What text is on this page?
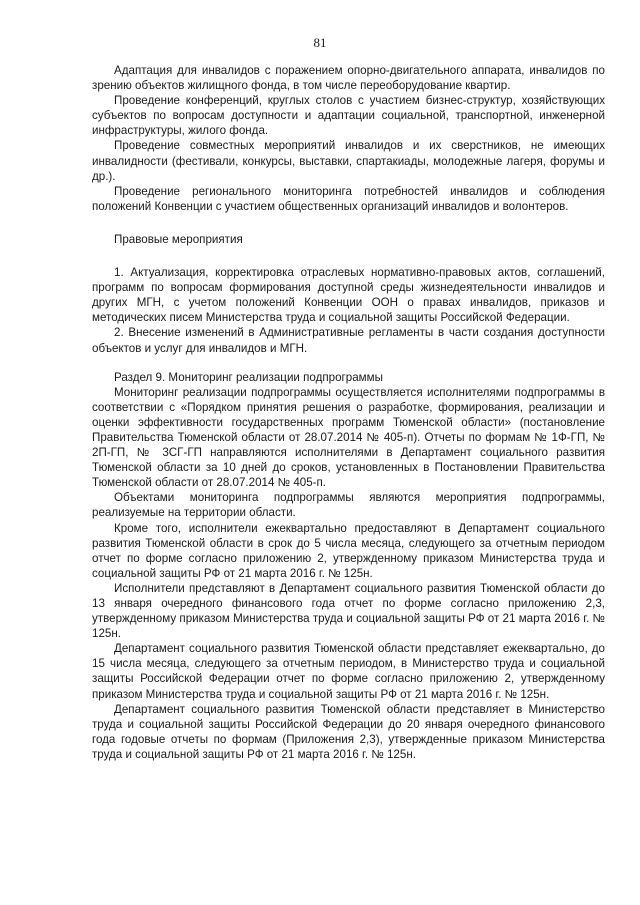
81

Адаптация для инвалидов с поражением опорно-двигательного аппарата, инвалидов по зрению объектов жилищного фонда, в том числе переоборудование квартир.

Проведение конференций, круглых столов с участием бизнес-структур, хозяйствующих субъектов по вопросам доступности и адаптации социальной, транспортной, инженерной инфраструктуры, жилого фонда.

Проведение совместных мероприятий инвалидов и их сверстников, не имеющих инвалидности (фестивали, конкурсы, выставки, спартакиады, молодежные лагеря, форумы и др.).

Проведение регионального мониторинга потребностей инвалидов и соблюдения положений Конвенции с участием общественных организаций инвалидов и волонтеров.

Правовые мероприятия

1. Актуализация, корректировка отраслевых нормативно-правовых актов, соглашений, программ по вопросам формирования доступной среды жизнедеятельности инвалидов и других МГН, с учетом положений Конвенции ООН о правах инвалидов, приказов и методических писем Министерства труда и социальной защиты Российской Федерации.

2. Внесение изменений в Административные регламенты в части создания доступности объектов и услуг для инвалидов и МГН.

Раздел 9. Мониторинг реализации подпрограммы

Мониторинг реализации подпрограммы осуществляется исполнителями подпрограммы в соответствии с «Порядком принятия решения о разработке, формирования, реализации и оценки эффективности государственных программ Тюменской области» (постановление Правительства Тюменской области от 28.07.2014 № 405-п). Отчеты по формам № 1Ф-ГП, № 2П-ГП, № 3СГ-ГП направляются исполнителями в Департамент социального развития Тюменской области за 10 дней до сроков, установленных в Постановлении Правительства Тюменской области от 28.07.2014 № 405-п.

Объектами мониторинга подпрограммы являются мероприятия подпрограммы, реализуемые на территории области.

Кроме того, исполнители ежеквартально предоставляют в Департамент социального развития Тюменской области в срок до 5 числа месяца, следующего за отчетным периодом отчет по форме согласно приложению 2, утвержденному приказом Министерства труда и социальной защиты РФ от 21 марта 2016 г. № 125н.

Исполнители представляют в Департамент социального развития Тюменской области до 13 января очередного финансового года отчет по форме согласно приложению 2,3, утвержденному приказом Министерства труда и социальной защиты РФ от 21 марта 2016 г. № 125н.

Департамент социального развития Тюменской области представляет ежеквартально, до 15 числа месяца, следующего за отчетным периодом, в Министерство труда и социальной защиты Российской Федерации отчет по форме согласно приложению 2, утвержденному приказом Министерства труда и социальной защиты РФ от 21 марта 2016 г. № 125н.

Департамент социального развития Тюменской области представляет в Министерство труда и социальной защиты Российской Федерации до 20 января очередного финансового года годовые отчеты по формам (Приложения 2,3), утвержденные приказом Министерства труда и социальной защиты РФ от 21 марта 2016 г. № 125н.
